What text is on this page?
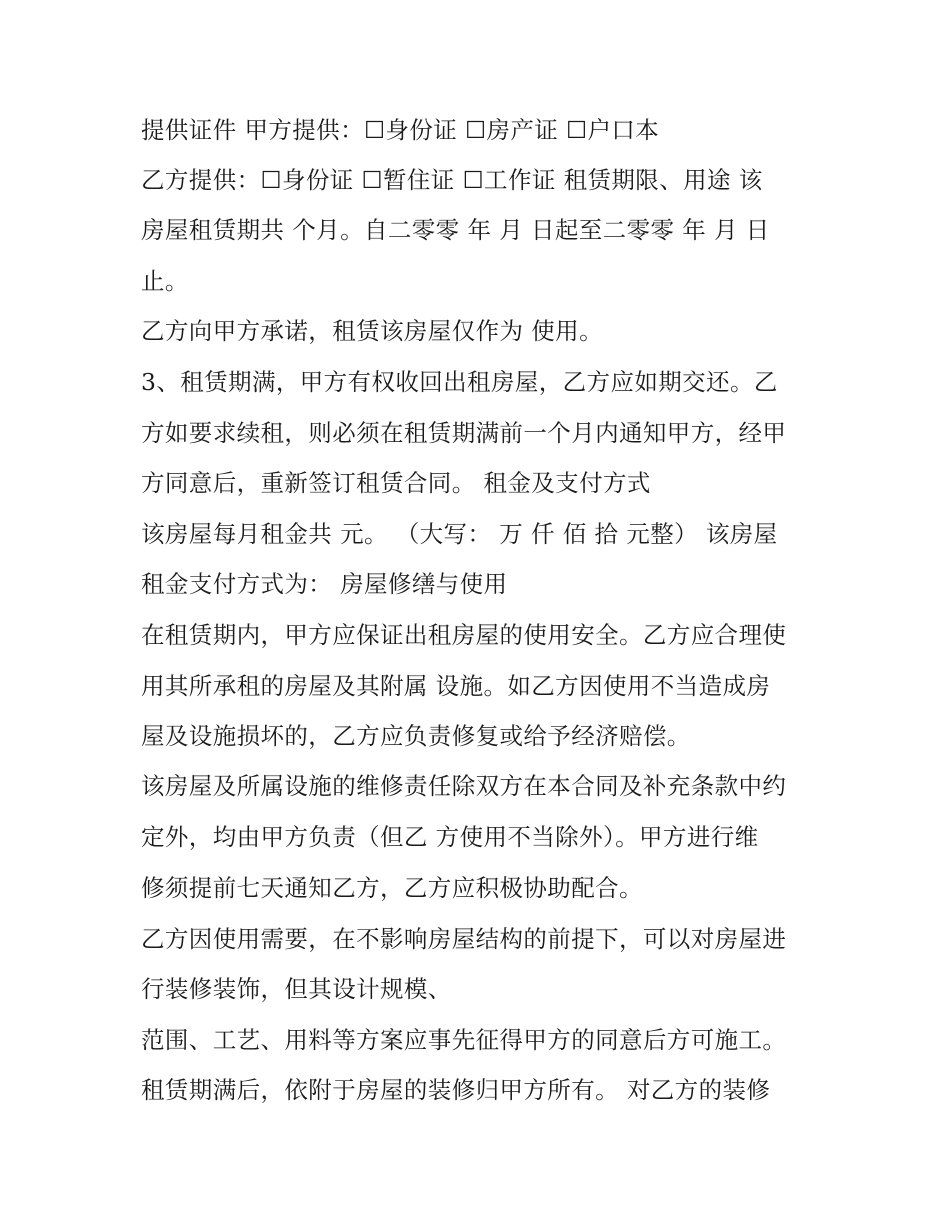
提供证件 甲方提供：☐身份证 ☐房产证 ☐户口本
乙方提供：☐身份证 ☐暂住证 ☐工作证 租赁期限、用途 该
房屋租赁期共 个月。自二零零 年 月 日起至二零零 年 月 日
止。
乙方向甲方承诺，租赁该房屋仅作为 使用。
3、租赁期满，甲方有权收回出租房屋，乙方应如期交还。乙
方如要求续租，则必须在租赁期满前一个月内通知甲方，经甲
方同意后，重新签订租赁合同。 租金及支付方式
该房屋每月租金共 元。 （大写： 万 仟 佰 拾 元整） 该房屋
租金支付方式为： 房屋修缮与使用
在租赁期内，甲方应保证出租房屋的使用安全。乙方应合理使
用其所承租的房屋及其附属 设施。如乙方因使用不当造成房
屋及设施损坏的，乙方应负责修复或给予经济赔偿。
该房屋及所属设施的维修责任除双方在本合同及补充条款中约
定外，均由甲方负责（但乙 方使用不当除外）。甲方进行维
修须提前七天通知乙方，乙方应积极协助配合。
乙方因使用需要，在不影响房屋结构的前提下，可以对房屋进
行装修装饰，但其设计规模、
范围、工艺、用料等方案应事先征得甲方的同意后方可施工。
租赁期满后，依附于房屋的装修归甲方所有。 对乙方的装修
